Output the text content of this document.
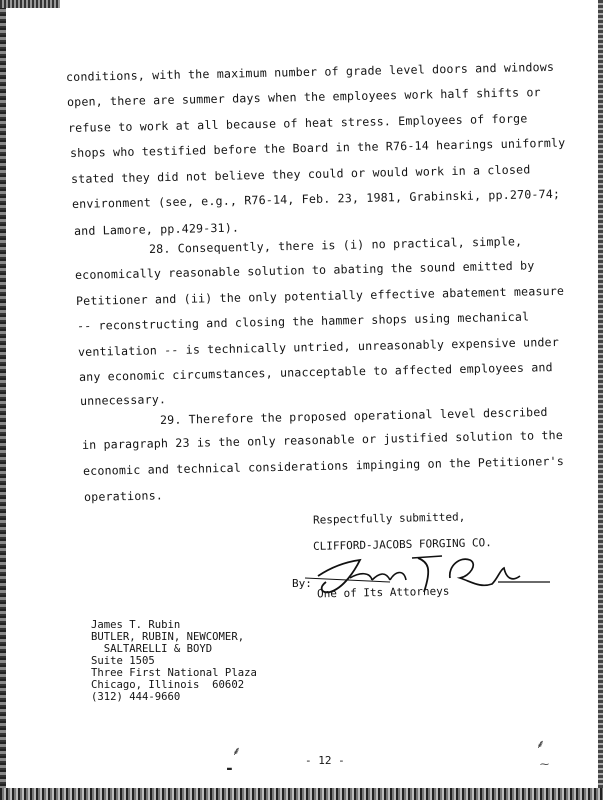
conditions, with the maximum number of grade level doors and windows
open, there are summer days when the employees work half shifts or
refuse to work at all because of heat stress. Employees of forge
shops who testified before the Board in the R76-14 hearings uniformly
stated they did not believe they could or would work in a closed
environment (see, e.g., R76-14, Feb. 23, 1981, Grabinski, pp.270-74;
and Lamore, pp.429-31).
28. Consequently, there is (i) no practical, simple,
economically reasonable solution to abating the sound emitted by
Petitioner and (ii) the only potentially effective abatement measure
-- reconstructing and closing the hammer shops using mechanical
ventilation -- is technically untried, unreasonably expensive under
any economic circumstances, unacceptable to affected employees and
unnecessary.
29. Therefore the proposed operational level described
in paragraph 23 is the only reasonable or justified solution to the
economic and technical considerations impinging on the Petitioner's
operations.
Respectfully submitted,
CLIFFORD-JACOBS FORGING CO.
By:
One of Its Attorneys
James T. Rubin
BUTLER, RUBIN, NEWCOMER,
SALTARELLI & BOYD
Suite 1505
Three First National Plaza
Chicago, Illinois  60602
(312) 444-9660
- 12 -
⸙
▬
⸙
⁓
